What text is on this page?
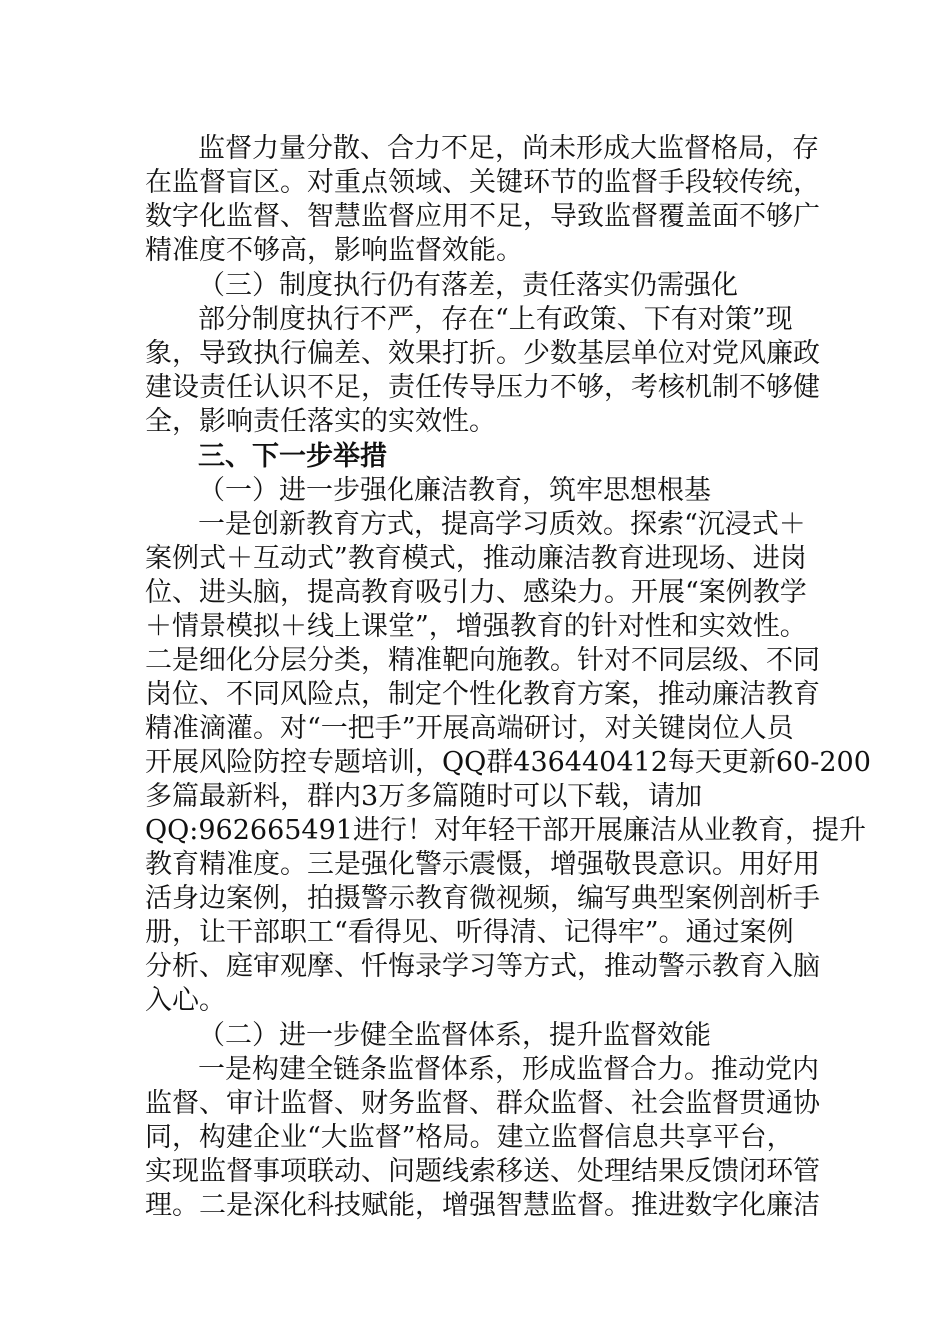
监督力量分散、合力不足，尚未形成大监督格局，存
在监督盲区。对重点领域、关键环节的监督手段较传统，
数字化监督、智慧监督应用不足，导致监督覆盖面不够广
精准度不够高，影响监督效能。
（三）制度执行仍有落差，责任落实仍需强化
部分制度执行不严，存在“上有政策、下有对策”现
象，导致执行偏差、效果打折。少数基层单位对党风廉政
建设责任认识不足，责任传导压力不够，考核机制不够健
全，影响责任落实的实效性。
三、下一步举措
（一）进一步强化廉洁教育，筑牢思想根基
一是创新教育方式，提高学习质效。探索“沉浸式＋
案例式＋互动式”教育模式，推动廉洁教育进现场、进岗
位、进头脑，提高教育吸引力、感染力。开展“案例教学
＋情景模拟＋线上课堂”，增强教育的针对性和实效性。
二是细化分层分类，精准靶向施教。针对不同层级、不同
岗位、不同风险点，制定个性化教育方案，推动廉洁教育
精准滴灌。对“一把手”开展高端研讨，对关键岗位人员
开展风险防控专题培训，QQ群436440412每天更新60-200
多篇最新料，群内3万多篇随时可以下载，请加
QQ:962665491进行！对年轻干部开展廉洁从业教育，提升
教育精准度。三是强化警示震慑，增强敬畏意识。用好用
活身边案例，拍摄警示教育微视频，编写典型案例剖析手
册，让干部职工“看得见、听得清、记得牢”。通过案例
分析、庭审观摩、忏悔录学习等方式，推动警示教育入脑
入心。
（二）进一步健全监督体系，提升监督效能
一是构建全链条监督体系，形成监督合力。推动党内
监督、审计监督、财务监督、群众监督、社会监督贯通协
同，构建企业“大监督”格局。建立监督信息共享平台，
实现监督事项联动、问题线索移送、处理结果反馈闭环管
理。二是深化科技赋能，增强智慧监督。推进数字化廉洁
